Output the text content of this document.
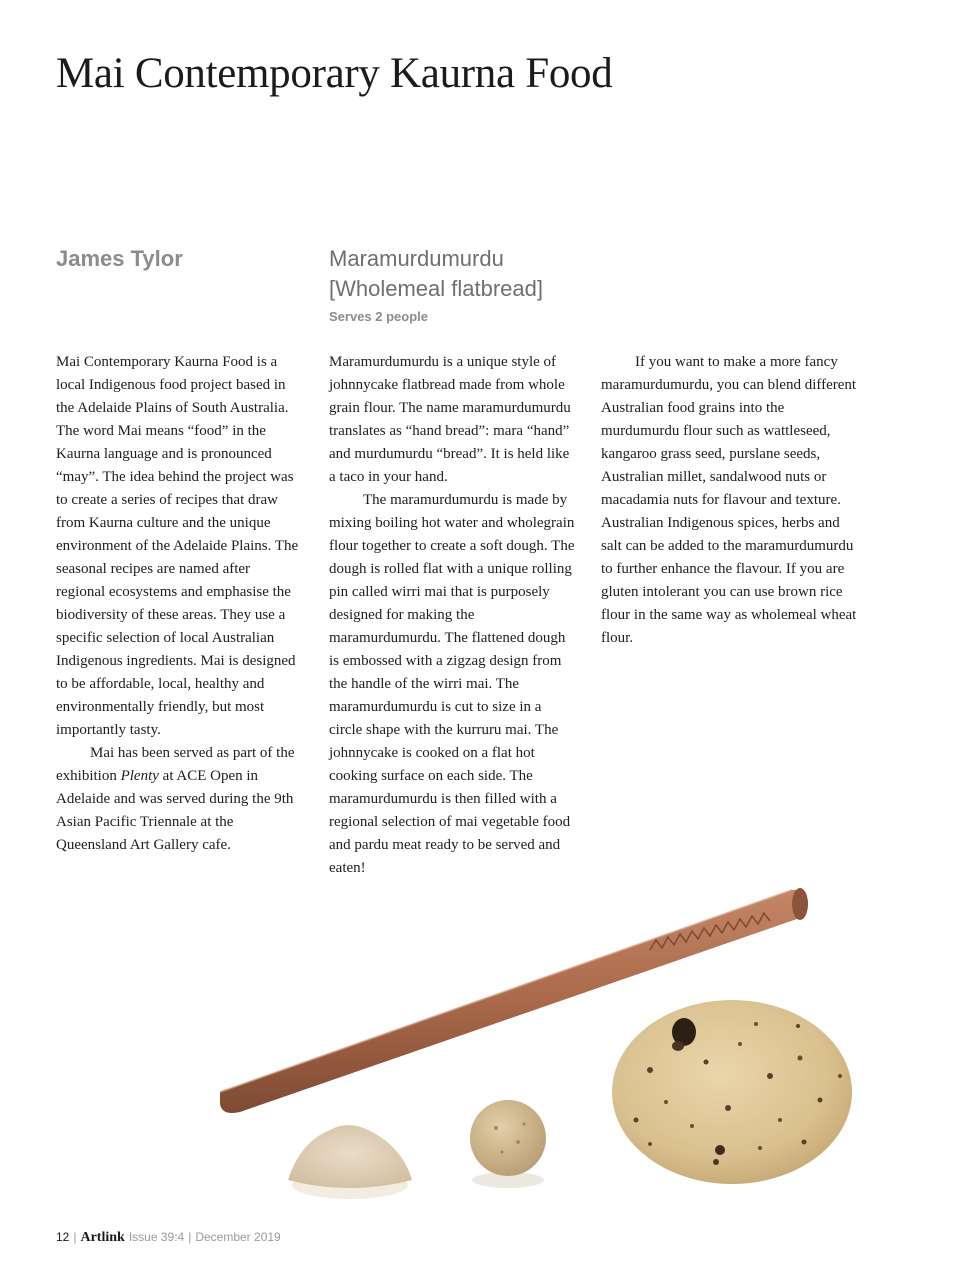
Mai Contemporary Kaurna Food
James Tylor	Maramurdumurdu
[Wholemeal flatbread]
Serves 2 people

Mai Contemporary Kaurna Food is a local Indigenous food project based in the Adelaide Plains of South Australia. The word Mai means “food” in the Kaurna language and is pronounced “may”. The idea behind the project was to create a series of recipes that draw from Kaurna culture and the unique environment of the Adelaide Plains. The seasonal recipes are named after regional ecosystems and emphasise the biodiversity of these areas. They use a specific selection of local Australian Indigenous ingredients. Mai is designed to be affordable, local, healthy and environmentally friendly, but most importantly tasty.

Mai has been served as part of the exhibition Plenty at ACE Open in Adelaide and was served during the 9th Asian Pacific Triennale at the Queensland Art Gallery cafe.

Maramurdumurdu is a unique style of johnnycake flatbread made from whole grain flour. The name maramurdumurdu translates as “hand bread”: mara “hand” and murdumurdu “bread”. It is held like a taco in your hand.

The maramurdumurdu is made by mixing boiling hot water and wholegrain flour together to create a soft dough. The dough is rolled flat with a unique rolling pin called wirri mai that is purposely designed for making the maramurdumurdu. The flattened dough is embossed with a zigzag design from the handle of the wirri mai. The maramurdumurdu is cut to size in a circle shape with the kurruru mai. The johnnycake is cooked on a flat hot cooking surface on each side. The maramurdumurdu is then filled with a regional selection of mai vegetable food and pardu meat ready to be served and eaten!

If you want to make a more fancy maramurdumurdu, you can blend different Australian food grains into the murdumurdu flour such as wattleseed, kangaroo grass seed, purslane seeds, Australian millet, sandalwood nuts or macadamia nuts for flavour and texture. Australian Indigenous spices, herbs and salt can be added to the maramurdumurdu to further enhance the flavour. If you are gluten intolerant you can use brown rice flour in the same way as wholemeal wheat flour.

12 | Artlink Issue 39:4 | December 2019
